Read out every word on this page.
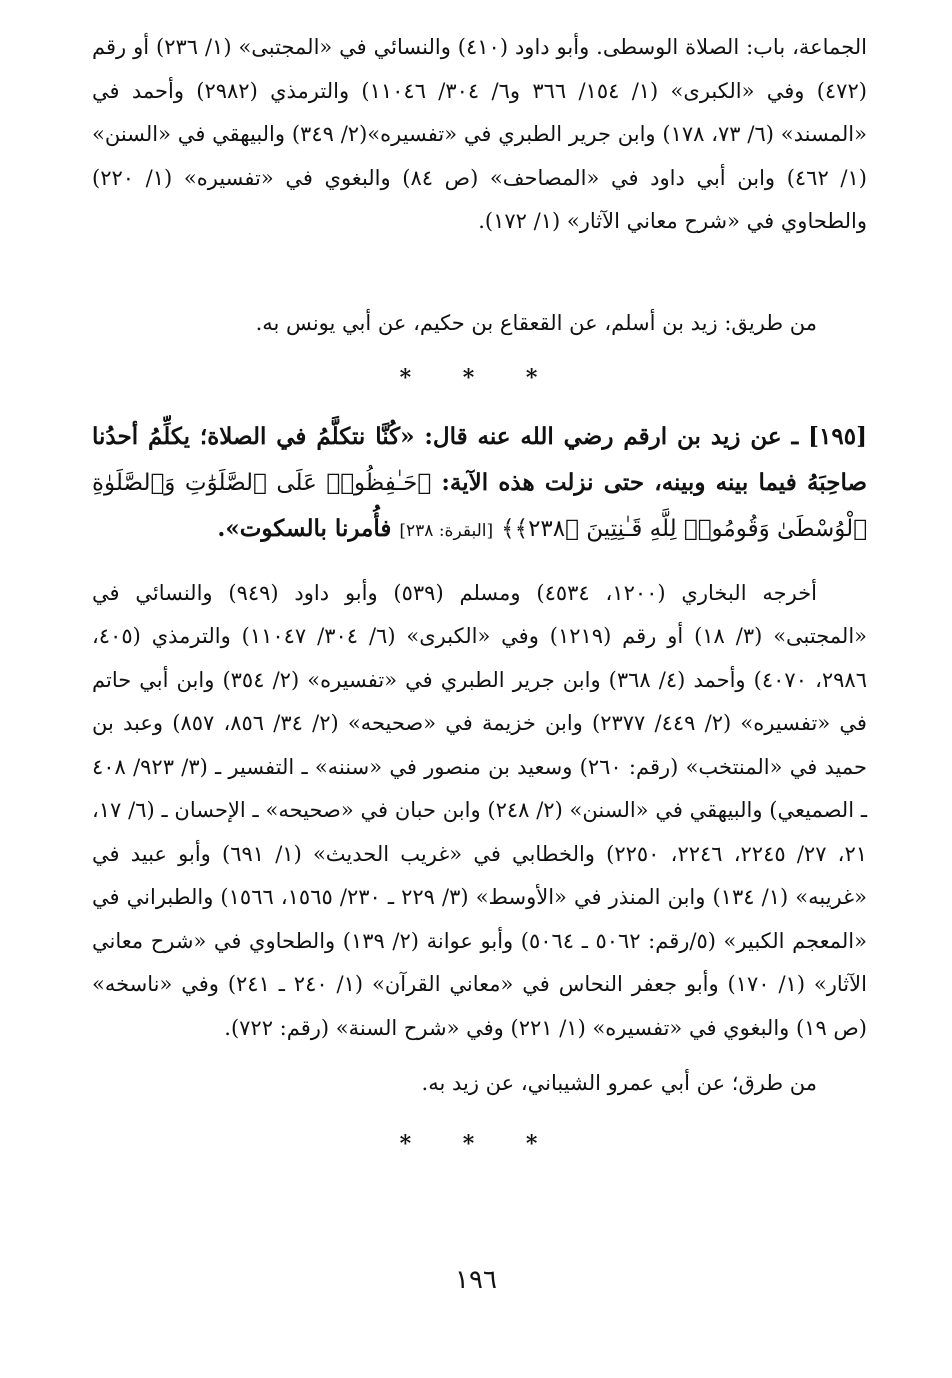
الجماعة، باب: الصلاة الوسطى. وأبو داود (٤١٠) والنسائي في «المجتبى» (١/ ٢٣٦) أو رقم (٤٧٢) وفي «الكبرى» (١/ ١٥٤/ ٣٦٦ و٦/ ٣٠٤/ ١١٠٤٦) والترمذي (٢٩٨٢) وأحمد في «المسند» (٦/ ٧٣، ١٧٨) وابن جرير الطبري في «تفسيره»(٢/ ٣٤٩) والبيهقي في «السنن» (١/ ٤٦٢) وابن أبي داود في «المصاحف» (ص ٨٤) والبغوي في «تفسيره» (١/ ٢٢٠) والطحاوي في «شرح معاني الآثار» (١/ ١٧٢).

من طريق: زيد بن أسلم، عن القعقاع بن حكيم، عن أبي يونس به.

* * *

[١٩٥] ـ عن زيد بن ارقم رضي الله عنه قال: «كُنَّا نتكلَّمُ في الصلاة؛ يكلِّمُ أحدُنا صاحِبَهُ فيما بينه وبينه، حتى نزلت هذه الآية: ﴿حَـٰفِظُوا۟ عَلَى ٱلصَّلَوَٰتِ وَٱلصَّلَوٰةِ ٱلْوُسْطَىٰ وَقُومُوا۟ لِلَّهِ قَـٰنِتِينَ ﴿٢٣٨﴾﴾ [البقرة: ٢٣٨] فأُمرنا بالسكوت».

أخرجه البخاري (١٢٠٠، ٤٥٣٤) ومسلم (٥٣٩) وأبو داود (٩٤٩) والنسائي في «المجتبى» (٣/ ١٨) أو رقم (١٢١٩) وفي «الكبرى» (٦/ ٣٠٤/ ١١٠٤٧) والترمذي (٤٠٥، ٢٩٨٦، ٤٠٧٠) وأحمد (٤/ ٣٦٨) وابن جرير الطبري في «تفسيره» (٢/ ٣٥٤) وابن أبي حاتم في «تفسيره» (٢/ ٤٤٩/ ٢٣٧٧) وابن خزيمة في «صحيحه» (٢/ ٣٤/ ٨٥٦، ٨٥٧) وعبد بن حميد في «المنتخب» (رقم: ٢٦٠) وسعيد بن منصور في «سننه» ـ التفسير ـ (٣/ ٩٢٣/ ٤٠٨ ـ الصميعي) والبيهقي في «السنن» (٢/ ٢٤٨) وابن حبان في «صحيحه» ـ الإحسان ـ (٦/ ١٧، ٢١، ٢٧/ ٢٢٤٥، ٢٢٤٦، ٢٢٥٠) والخطابي في «غريب الحديث» (١/ ٦٩١) وأبو عبيد في «غريبه» (١/ ١٣٤) وابن المنذر في «الأوسط» (٣/ ٢٢٩ ـ ٢٣٠/ ١٥٦٥، ١٥٦٦) والطبراني في «المعجم الكبير» (٥/رقم: ٥٠٦٢ ـ ٥٠٦٤) وأبو عوانة (٢/ ١٣٩) والطحاوي في «شرح معاني الآثار» (١/ ١٧٠) وأبو جعفر النحاس في «معاني القرآن» (١/ ٢٤٠ ـ ٢٤١) وفي «ناسخه» (ص ١٩) والبغوي في «تفسيره» (١/ ٢٢١) وفي «شرح السنة» (رقم: ٧٢٢).

من طرق؛ عن أبي عمرو الشيباني، عن زيد به.

* * *

١٩٦
